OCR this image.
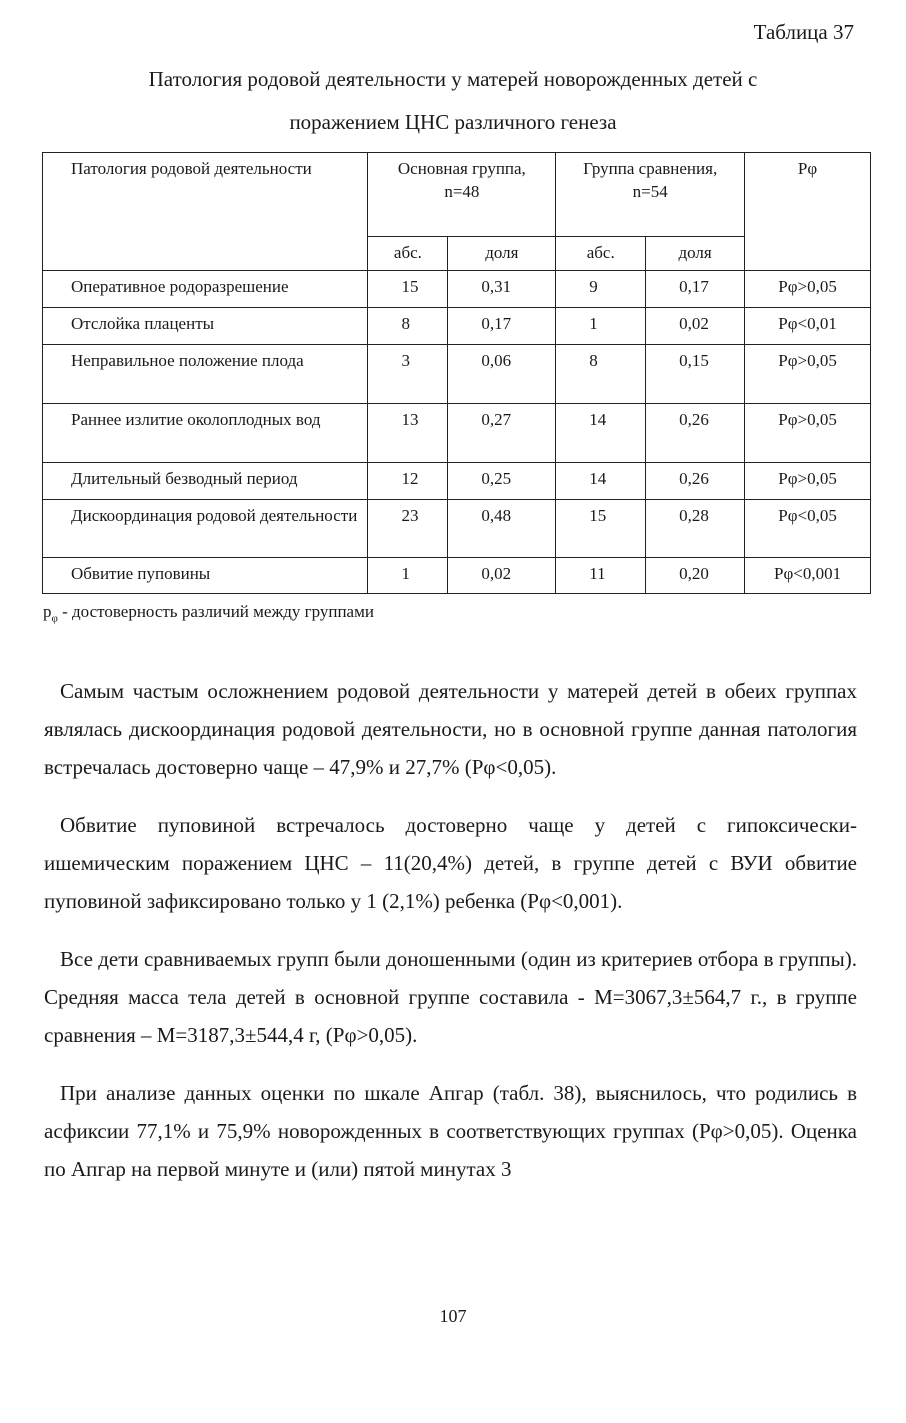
Таблица 37
Патология родовой деятельности у матерей новорожденных детей с
поражением ЦНС различного генеза
Патология родовой деятельности	Основная группа, n=48		Группа сравнения, n=54		Рφ
	абс.	доля	абс.	доля	
Оперативное родоразрешение	15	0,31	9	0,17	Рφ>0,05
Отслойка плаценты	8	0,17	1	0,02	Рφ<0,01
Неправильное положение плода	3	0,06	8	0,15	Рφ>0,05
Раннее излитие околоплодных вод	13	0,27	14	0,26	Рφ>0,05
Длительный безводный период	12	0,25	14	0,26	Рφ>0,05
Дискоординация родовой деятельности	23	0,48	15	0,28	Рφ<0,05
Обвитие пуповины	1	0,02	11	0,20	Рφ<0,001
$р_\varphi$ - достоверность различий между группами

Самым частым осложнением родовой деятельности у матерей детей в обеих группах являлась дискоординация родовой деятельности, но в основной группе данная патология встречалась достоверно чаще – 47,9% и 27,7% (Рφ<0,05).

Обвитие пуповиной встречалось достоверно чаще у детей с гипоксически-ишемическим поражением ЦНС – 11(20,4%) детей, в группе детей с ВУИ обвитие пуповиной зафиксировано только у 1 (2,1%) ребенка (Рφ<0,001).

Все дети сравниваемых групп были доношенными (один из критериев отбора в группы). Средняя масса тела детей в основной группе составила - М=3067,3±564,7 г., в группе сравнения – М=3187,3±544,4 г, (Рφ>0,05).

При анализе данных оценки по шкале Апгар (табл. 38), выяснилось, что родились в асфиксии 77,1% и 75,9% новорожденных в соответствующих группах (Рφ>0,05). Оценка по Апгар на первой минуте и (или) пятой минутах 3

107
